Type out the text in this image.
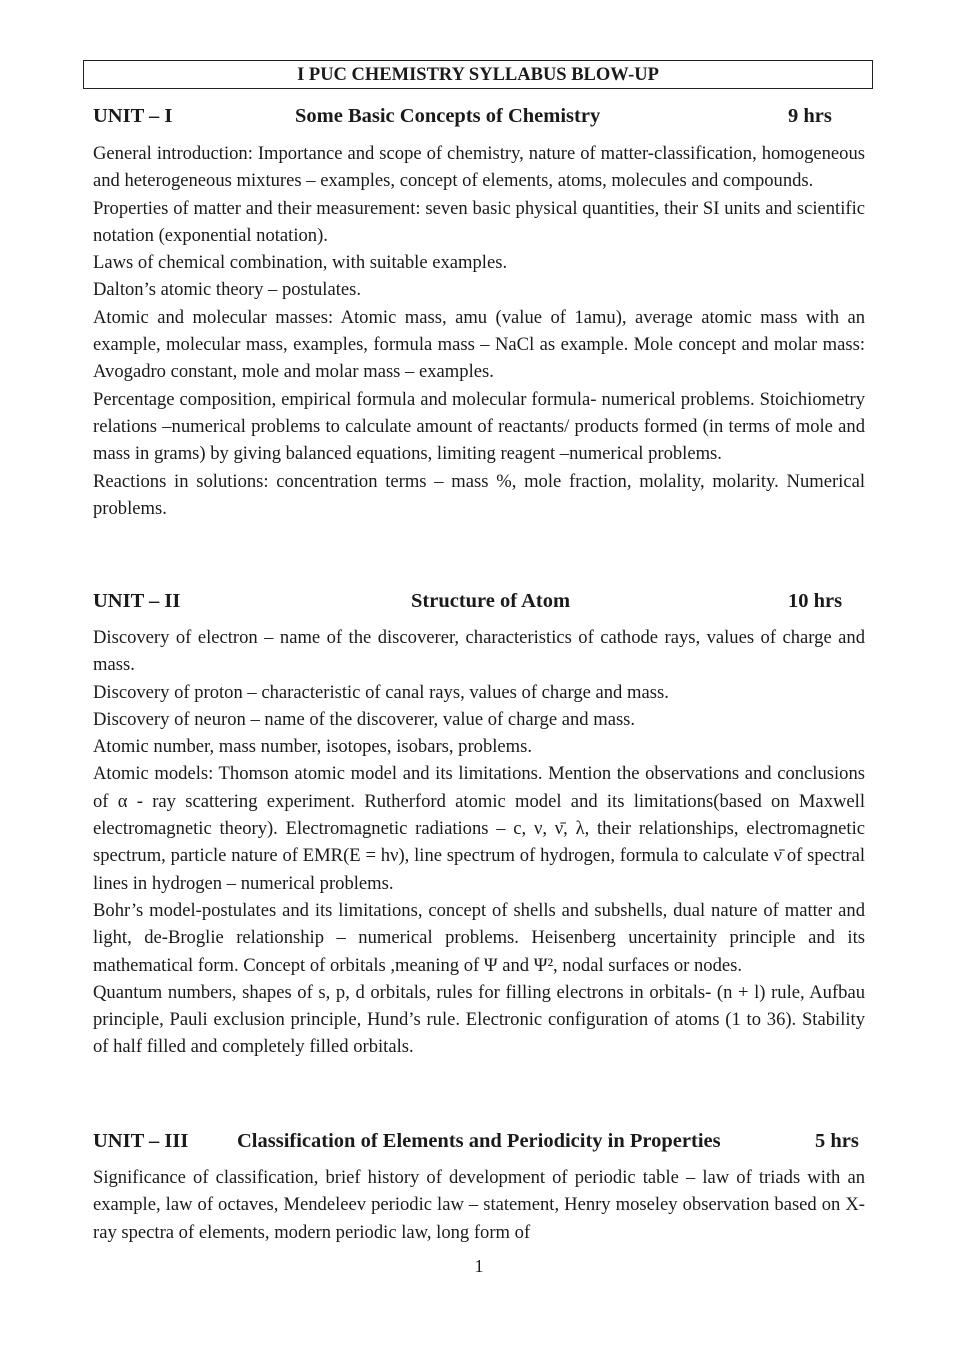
I PUC CHEMISTRY SYLLABUS BLOW-UP
UNIT – I	Some Basic Concepts of Chemistry	9 hrs

General introduction: Importance and scope of chemistry, nature of matter-classification, homogeneous and heterogeneous mixtures – examples, concept of elements, atoms, molecules and compounds.

Properties of matter and their measurement: seven basic physical quantities, their SI units and scientific notation (exponential notation).

Laws of chemical combination, with suitable examples.

Dalton’s atomic theory – postulates.

Atomic and molecular masses: Atomic mass, amu (value of 1amu), average atomic mass with an example, molecular mass, examples, formula mass – NaCl as example. Mole concept and molar mass: Avogadro constant, mole and molar mass – examples.

Percentage composition, empirical formula and molecular formula- numerical problems. Stoichiometry relations –numerical problems to calculate amount of reactants/ products formed (in terms of mole and mass in grams) by giving balanced equations, limiting reagent –numerical problems.

Reactions in solutions: concentration terms – mass %, mole fraction, molality, molarity. Numerical problems.

UNIT – II	Structure of Atom	10 hrs

Discovery of electron – name of the discoverer, characteristics of cathode rays, values of charge and mass.

Discovery of proton – characteristic of canal rays, values of charge and mass.

Discovery of neuron – name of the discoverer, value of charge and mass.

Atomic number, mass number, isotopes, isobars, problems.

Atomic models: Thomson atomic model and its limitations. Mention the observations and conclusions of α - ray scattering experiment. Rutherford atomic model and its limitations(based on Maxwell electromagnetic theory). Electromagnetic radiations – c, ν, ν̄, λ, their relationships, electromagnetic spectrum, particle nature of EMR(E = hν), line spectrum of hydrogen, formula to calculate ν̄ of spectral lines in hydrogen – numerical problems.

Bohr’s model-postulates and its limitations, concept of shells and subshells, dual nature of matter and light, de-Broglie relationship – numerical problems. Heisenberg uncertainity principle and its mathematical form. Concept of orbitals ,meaning of Ψ and Ψ², nodal surfaces or nodes.

Quantum numbers, shapes of s, p, d orbitals, rules for filling electrons in orbitals- (n + l) rule, Aufbau principle, Pauli exclusion principle, Hund’s rule. Electronic configuration of atoms (1 to 36). Stability of half filled and completely filled orbitals.

UNIT – III Classification of Elements and Periodicity in Properties	5 hrs

Significance of classification, brief history of development of periodic table – law of triads with an example, law of octaves, Mendeleev periodic law – statement, Henry moseley observation based on X- ray spectra of elements, modern periodic law, long form of

1
